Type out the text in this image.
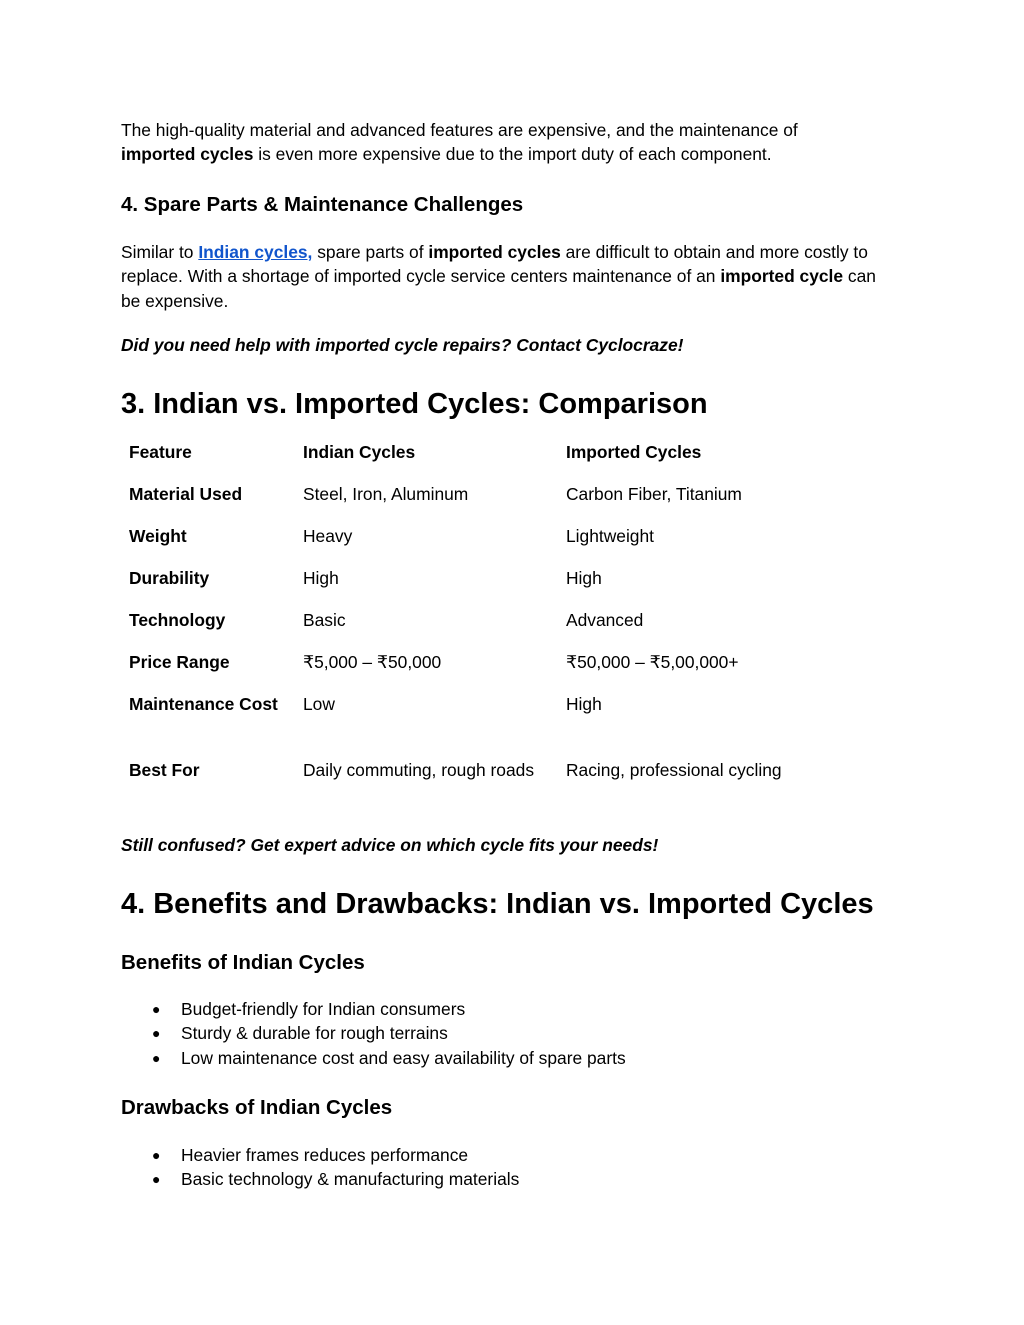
The high-quality material and advanced features are expensive, and the maintenance of
imported cycles is even more expensive due to the import duty of each component.

4. Spare Parts & Maintenance Challenges

Similar to Indian cycles, spare parts of imported cycles are difficult to obtain and more costly to replace. With a shortage of imported cycle service centers maintenance of an imported cycle can be expensive.

Did you need help with imported cycle repairs? Contact Cyclocraze!

3. Indian vs. Imported Cycles: Comparison
Feature	Indian Cycles	Imported Cycles
Material Used	Steel, Iron, Aluminum	Carbon Fiber, Titanium
Weight	Heavy	Lightweight
Durability	High	High
Technology	Basic	Advanced
Price Range	₹5,000 – ₹50,000	₹50,000 – ₹5,00,000+
Maintenance Cost	Low	High
Best For	Daily commuting, rough roads	Racing, professional cycling

Still confused? Get expert advice on which cycle fits your needs!

4. Benefits and Drawbacks: Indian vs. Imported Cycles
Benefits of Indian Cycles
● Budget-friendly for Indian consumers
● Sturdy & durable for rough terrains
● Low maintenance cost and easy availability of spare parts
Drawbacks of Indian Cycles
● Heavier frames reduces performance
● Basic technology & manufacturing materials
